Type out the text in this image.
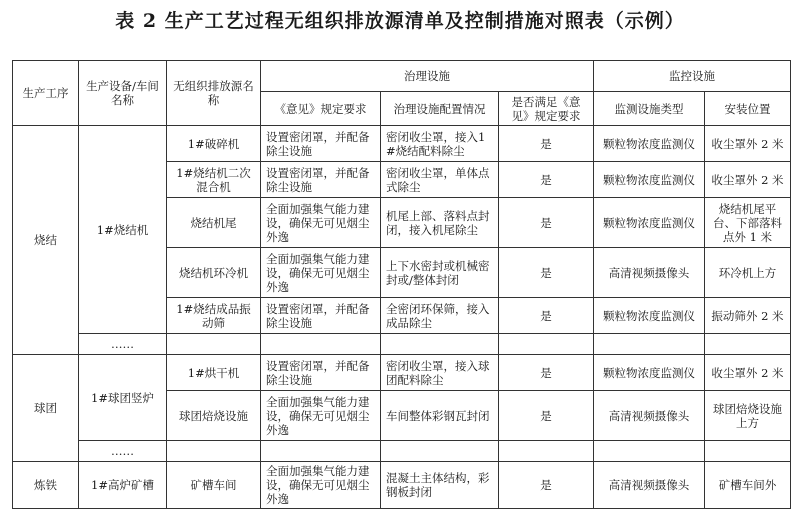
表 2 生产工艺过程无组织排放源清单及控制措施对照表（示例）
生产工序	生产设备/车间名称	无组织排放源名称	治理设施			监控设施	
			《意见》规定要求	治理设施配置情况	是否满足《意见》规定要求	监测设施类型	安装位置
烧结	1#烧结机	1#破碎机	设置密闭罩，并配备除尘设施	密闭收尘罩，接入1#烧结配料除尘	是	颗粒物浓度监测仪	收尘罩外 2 米
		1#烧结机二次混合机	设置密闭罩，并配备除尘设施	密闭收尘罩，单体点式除尘	是	颗粒物浓度监测仪	收尘罩外 2 米
		烧结机尾	全面加强集气能力建设，确保无可见烟尘外逸	机尾上部、落料点封闭，接入机尾除尘	是	颗粒物浓度监测仪	烧结机尾平台、下部落料点外 1 米
		烧结机环冷机	全面加强集气能力建设，确保无可见烟尘外逸	上下水密封或机械密封或/整体封闭	是	高清视频摄像头	环冷机上方
		1#烧结成品振动筛	设置密闭罩，并配备除尘设施	全密闭环保筛，接入成品除尘	是	颗粒物浓度监测仪	振动筛外 2 米
	……						
球团	1#球团竖炉	1#烘干机	设置密闭罩，并配备除尘设施	密闭收尘罩，接入球团配料除尘	是	颗粒物浓度监测仪	收尘罩外 2 米
		球团焙烧设施	全面加强集气能力建设，确保无可见烟尘外逸	车间整体彩钢瓦封闭	是	高清视频摄像头	球团焙烧设施上方
	……						
炼铁	1#高炉矿槽	矿槽车间	全面加强集气能力建设，确保无可见烟尘外逸	混凝土主体结构，彩钢板封闭	是	高清视频摄像头	矿槽车间外
